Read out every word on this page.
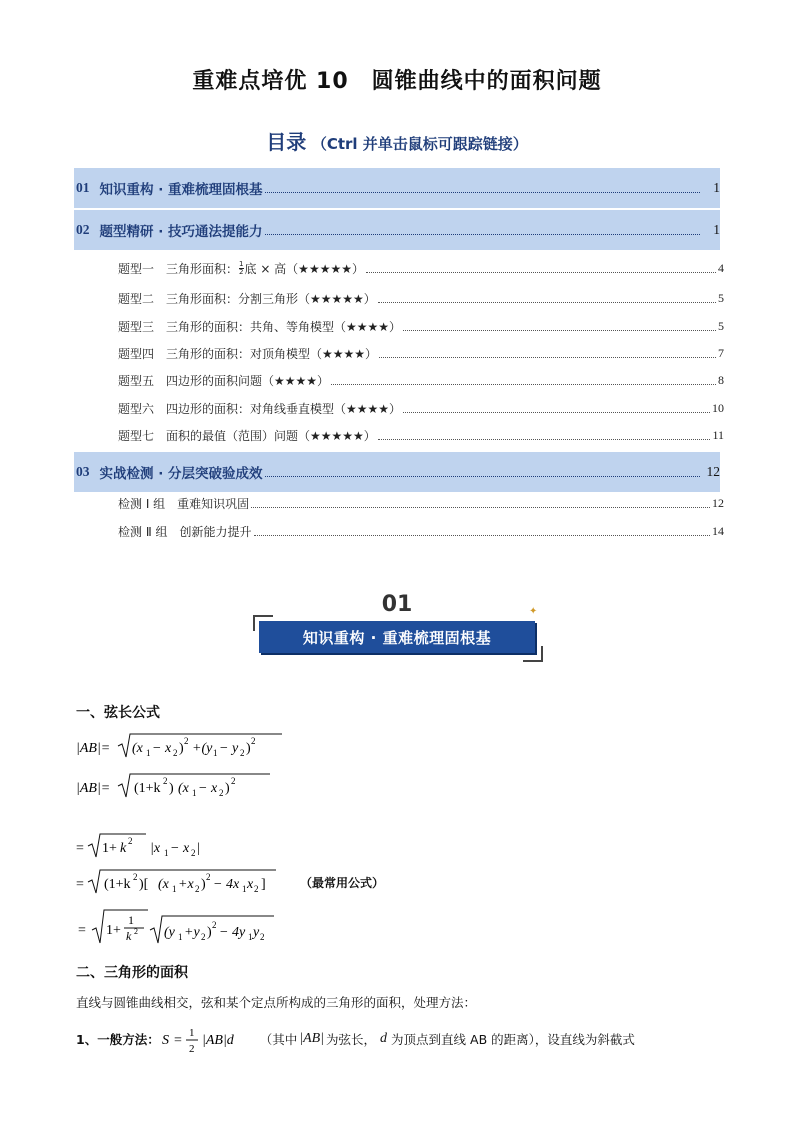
重难点培优 10　圆锥曲线中的面积问题
目录 （Ctrl 并单击鼠标可跟踪链接）
01 知识重构 · 重难梳理固根基	1
02 题型精研 · 技巧通法提能力	1
题型一 三角形面积： $\frac{1}{2}$ 底 × 高（★★★★★）	4
题型二 三角形面积：分割三角形（★★★★★）	5
题型三 三角形的面积：共角、等角模型（★★★★）	5
题型四 三角形的面积：对顶角模型（★★★★）	7
题型五 四边形的面积问题（★★★★）	8
题型六 四边形的面积：对角线垂直模型（★★★★）	10
题型七 面积的最值（范围）问题（★★★★★）	11
03 实战检测 · 分层突破验成效	12
检测 Ⅰ 组 重难知识巩固	12
检测 Ⅱ 组 创新能力提升	14
01	✦
知识重构 · 重难梳理固根基
一、弦长公式
|AB|= (x 1 − x 2 ) 2 +(y 1 − y 2 ) 2
|AB|= (1+k 2 ) (x 1 − x 2 ) 2
= 1+ k 2 |x 1 − x 2 |
= (1+k 2 )[ (x 1 +x 2 ) 2 − 4x 1 x 2 ]	（最常用公式）
= 1+
1
k 2 (y 1 +y 2 ) 2 − 4y 1 y 2
二、三角形的面积
直线与圆锥曲线相交，弦和某个定点所构成的三角形的面积，处理方法：
1、一般方法： S = 1
2
|AB|d （其中 |AB| 为弦长， d 为顶点到直线 AB 的距离），设直线为斜截式
